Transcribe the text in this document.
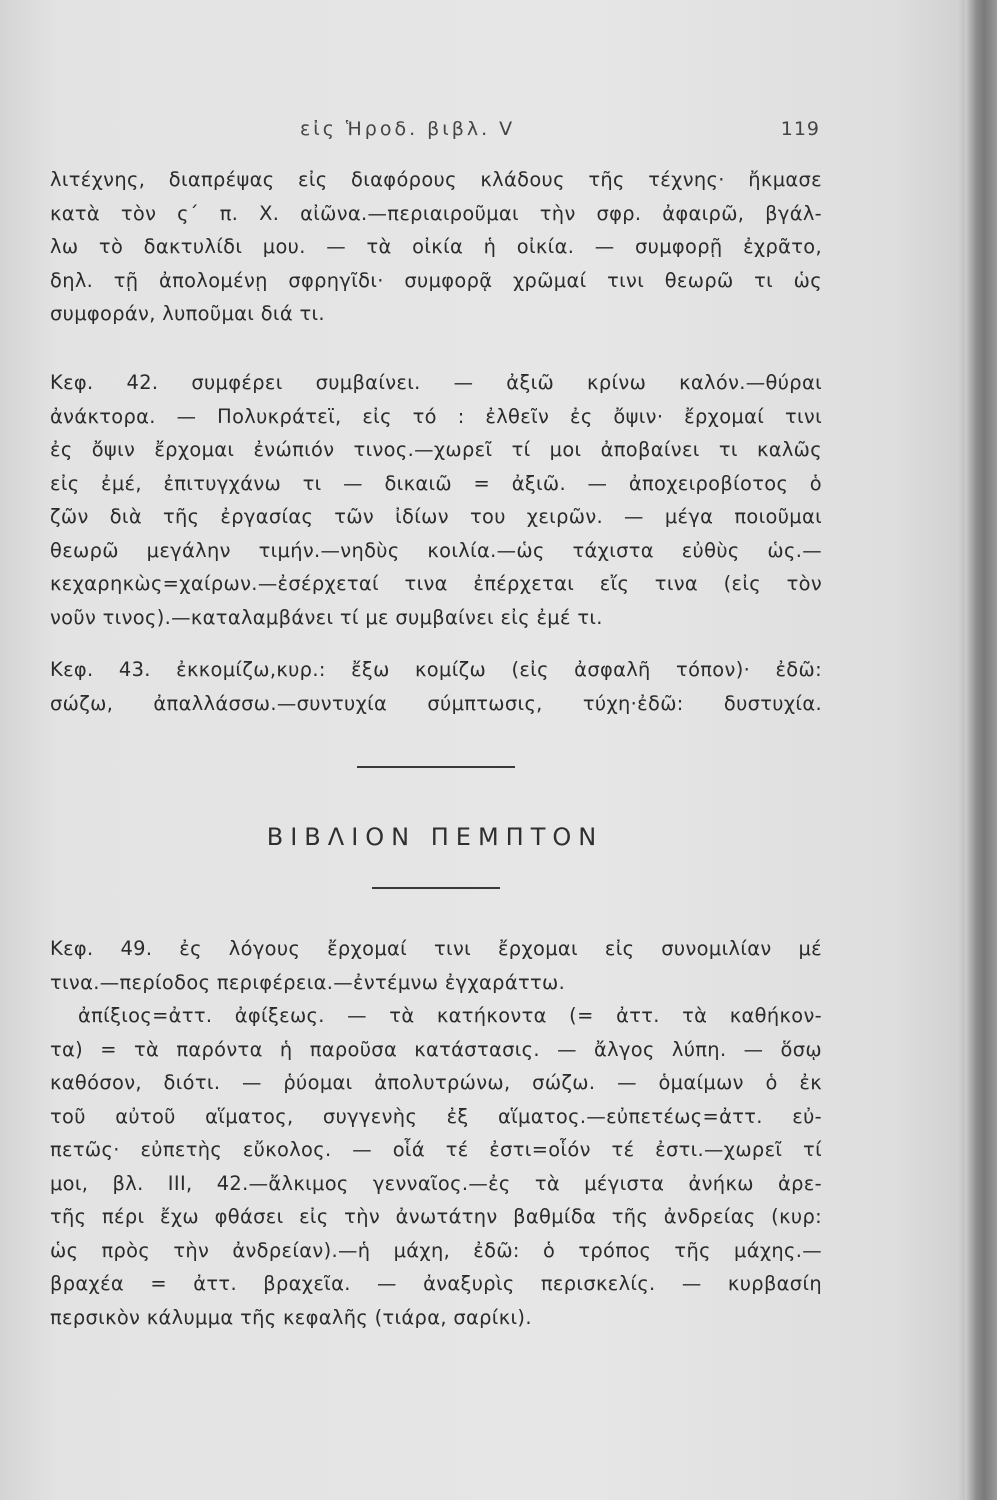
εἰς Ἡροδ. βιβλ. V	119
λιτέχνης, διαπρέψας εἰς διαφόρους κλάδους τῆς τέχνης· ἤκμασε
κατὰ τὸν ς΄ π. Χ. αἰῶνα.—περιαιροῦμαι τὴν σφρ. ἀφαιρῶ, βγάλ-
λω τὸ δακτυλίδι μου. — τὰ οἰκία ἡ οἰκία. — συμφορῇ ἐχρᾶτο,
δηλ. τῇ ἀπολομένῃ σφρηγῖδι· συμφορᾷ χρῶμαί τινι θεωρῶ τι ὡς
συμφοράν, λυποῦμαι διά τι.
Κεφ. 42. συμφέρει συμβαίνει. — ἀξιῶ κρίνω καλόν.—θύραι
ἀνάκτορα. — Πολυκράτεϊ, εἰς τό : ἐλθεῖν ἐς ὄψιν· ἔρχομαί τινι
ἐς ὄψιν ἔρχομαι ἐνώπιόν τινος.—χωρεῖ τί μοι ἀποβαίνει τι καλῶς
εἰς ἐμέ, ἐπιτυγχάνω τι — δικαιῶ = ἀξιῶ. — ἀποχειροβίοτος ὁ
ζῶν διὰ τῆς ἐργασίας τῶν ἰδίων του χειρῶν. — μέγα ποιοῦμαι
θεωρῶ μεγάλην τιμήν.—νηδὺς κοιλία.—ὡς τάχιστα εὐθὺς ὡς.—
κεχαρηκὼς=χαίρων.—ἐσέρχεταί τινα ἐπέρχεται εἴς τινα (εἰς τὸν
νοῦν τινος).—καταλαμβάνει τί με συμβαίνει εἰς ἐμέ τι.
Κεφ. 43. ἐκκομίζω,κυρ.: ἔξω κομίζω (εἰς ἀσφαλῆ τόπον)· ἐδῶ:
σώζω, ἀπαλλάσσω.—συντυχία σύμπτωσις, τύχη·ἐδῶ: δυστυχία.
ΒΙΒΛΙΟΝ ΠΕΜΠΤΟΝ
Κεφ. 49. ἐς λόγους ἔρχομαί τινι ἔρχομαι εἰς συνομιλίαν μέ
τινα.—περίοδος περιφέρεια.—ἐντέμνω ἐγχαράττω.
ἀπίξιος=ἀττ. ἀφίξεως. — τὰ κατήκοντα (= ἀττ. τὰ καθήκον-
τα) = τὰ παρόντα ἡ παροῦσα κατάστασις. — ἄλγος λύπη. — ὅσῳ
καθόσον, διότι. — ῥύομαι ἀπολυτρώνω, σώζω. — ὁμαίμων ὁ ἐκ
τοῦ αὐτοῦ αἵματος, συγγενὴς ἐξ αἵματος.—εὐπετέως=ἀττ. εὐ-
πετῶς· εὐπετὴς εὔκολος. — οἷά τέ ἐστι=οἷόν τέ ἐστι.—χωρεῖ τί
μοι, βλ. III, 42.—ἄλκιμος γενναῖος.—ἐς τὰ μέγιστα ἀνήκω ἀρε-
τῆς πέρι ἔχω φθάσει εἰς τὴν ἀνωτάτην βαθμίδα τῆς ἀνδρείας (κυρ:
ὡς πρὸς τὴν ἀνδρείαν).—ἡ μάχη, ἐδῶ: ὁ τρόπος τῆς μάχης.—
βραχέα = ἀττ. βραχεῖα. — ἀναξυρὶς περισκελίς. — κυρβασίη
περσικὸν κάλυμμα τῆς κεφαλῆς (τιάρα, σαρίκι).
